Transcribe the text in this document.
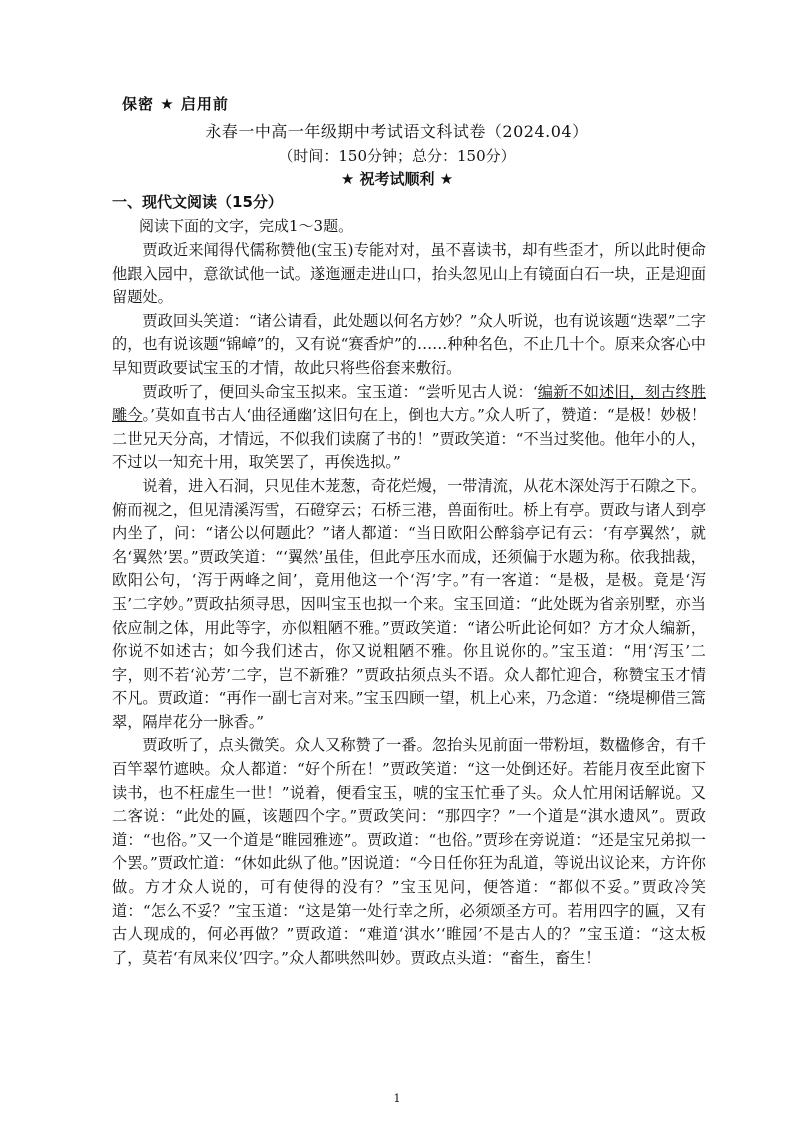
保密 ★ 启用前
永春一中高一年级期中考试语文科试卷（2024.04）
（时间：150分钟；总分：150分）
★ 祝考试顺利 ★
一、现代文阅读（15分）
阅读下面的文字，完成1～3题。

贾政近来闻得代儒称赞他(宝玉)专能对对，虽不喜读书，却有些歪才，所以此时便命他跟入园中，意欲试他一试。遂迤逦走进山口，抬头忽见山上有镜面白石一块，正是迎面留题处。

贾政回头笑道：“诸公请看，此处题以何名方妙？”众人听说，也有说该题“迭翠”二字的，也有说该题“锦嶂”的，又有说“赛香炉”的……种种名色，不止几十个。原来众客心中早知贾政要试宝玉的才情，故此只将些俗套来敷衍。

贾政听了，便回头命宝玉拟来。宝玉道：“尝听见古人说：‘编新不如述旧，刻古终胜雕今。’莫如直书古人‘曲径通幽’这旧句在上，倒也大方。”众人听了，赞道：“是极！妙极！二世兄天分高，才情远，不似我们读腐了书的！”贾政笑道：“不当过奖他。他年小的人，不过以一知充十用，取笑罢了，再俟选拟。”

说着，进入石洞，只见佳木茏葱，奇花烂熳，一带清流，从花木深处泻于石隙之下。俯而视之，但见清溪泻雪，石磴穿云；石桥三港，兽面衔吐。桥上有亭。贾政与诸人到亭内坐了，问：“诸公以何题此？”诸人都道：“当日欧阳公醉翁亭记有云：‘有亭翼然’，就名‘翼然’罢。”贾政笑道：“‘翼然’虽佳，但此亭压水而成，还须偏于水题为称。依我拙裁，欧阳公句，‘泻于两峰之间’，竟用他这一个‘泻’字。”有一客道：“是极，是极。竟是‘泻玉’二字妙。”贾政拈须寻思，因叫宝玉也拟一个来。宝玉回道：“此处既为省亲别墅，亦当依应制之体，用此等字，亦似粗陋不雅。”贾政笑道：“诸公听此论何如？方才众人编新，你说不如述古；如今我们述古，你又说粗陋不雅。你且说你的。”宝玉道：“用‘泻玉’二字，则不若‘沁芳’二字，岂不新雅？”贾政拈须点头不语。众人都忙迎合，称赞宝玉才情不凡。贾政道：“再作一副七言对来。”宝玉四顾一望，机上心来，乃念道：“绕堤柳借三篙翠，隔岸花分一脉香。”

贾政听了，点头微笑。众人又称赞了一番。忽抬头见前面一带粉垣，数楹修舍，有千百竿翠竹遮映。众人都道：“好个所在！”贾政笑道：“这一处倒还好。若能月夜至此窗下读书，也不枉虚生一世！”说着，便看宝玉，唬的宝玉忙垂了头。众人忙用闲话解说。又二客说：“此处的匾，该题四个字。”贾政笑问：“那四字？”一个道是“淇水遗风”。贾政道：“也俗。”又一个道是“睢园雅迹”。贾政道：“也俗。”贾珍在旁说道：“还是宝兄弟拟一个罢。”贾政忙道：“休如此纵了他。”因说道：“今日任你狂为乱道，等说出议论来，方许你做。方才众人说的，可有使得的没有？”宝玉见问，便答道：“都似不妥。”贾政冷笑道：“怎么不妥？”宝玉道：“这是第一处行幸之所，必须颂圣方可。若用四字的匾，又有古人现成的，何必再做？”贾政道：“难道‘淇水’‘睢园’不是古人的？”宝玉道：“这太板了，莫若‘有凤来仪’四字。”众人都哄然叫妙。贾政点头道：“畜生，畜生！

1
